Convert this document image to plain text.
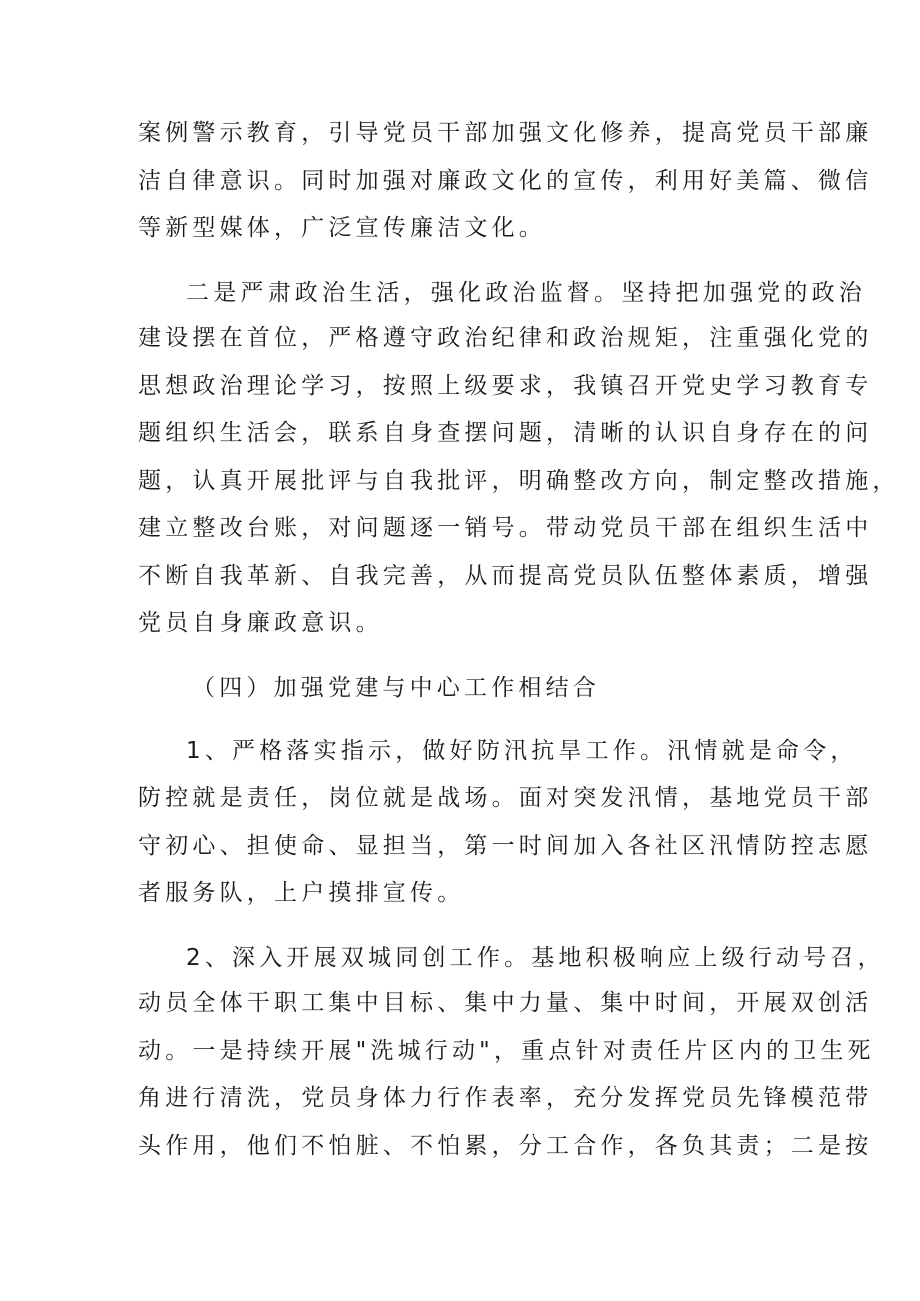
案例警示教育，引导党员干部加强文化修养，提高党员干部廉
洁自律意识。同时加强对廉政文化的宣传，利用好美篇、微信
等新型媒体，广泛宣传廉洁文化。
二是严肃政治生活，强化政治监督。坚持把加强党的政治
建设摆在首位，严格遵守政治纪律和政治规矩，注重强化党的
思想政治理论学习，按照上级要求，我镇召开党史学习教育专
题组织生活会，联系自身查摆问题，清晰的认识自身存在的问
题，认真开展批评与自我批评，明确整改方向，制定整改措施，
建立整改台账，对问题逐一销号。带动党员干部在组织生活中
不断自我革新、自我完善，从而提高党员队伍整体素质，增强
党员自身廉政意识。
（四）加强党建与中心工作相结合
1、严格落实指示，做好防汛抗旱工作。汛情就是命令，
防控就是责任，岗位就是战场。面对突发汛情，基地党员干部
守初心、担使命、显担当，第一时间加入各社区汛情防控志愿
者服务队，上户摸排宣传。
2、深入开展双城同创工作。基地积极响应上级行动号召，
动员全体干职工集中目标、集中力量、集中时间，开展双创活
动。一是持续开展"洗城行动"，重点针对责任片区内的卫生死
角进行清洗，党员身体力行作表率，充分发挥党员先锋模范带
头作用，他们不怕脏、不怕累，分工合作，各负其责；二是按
